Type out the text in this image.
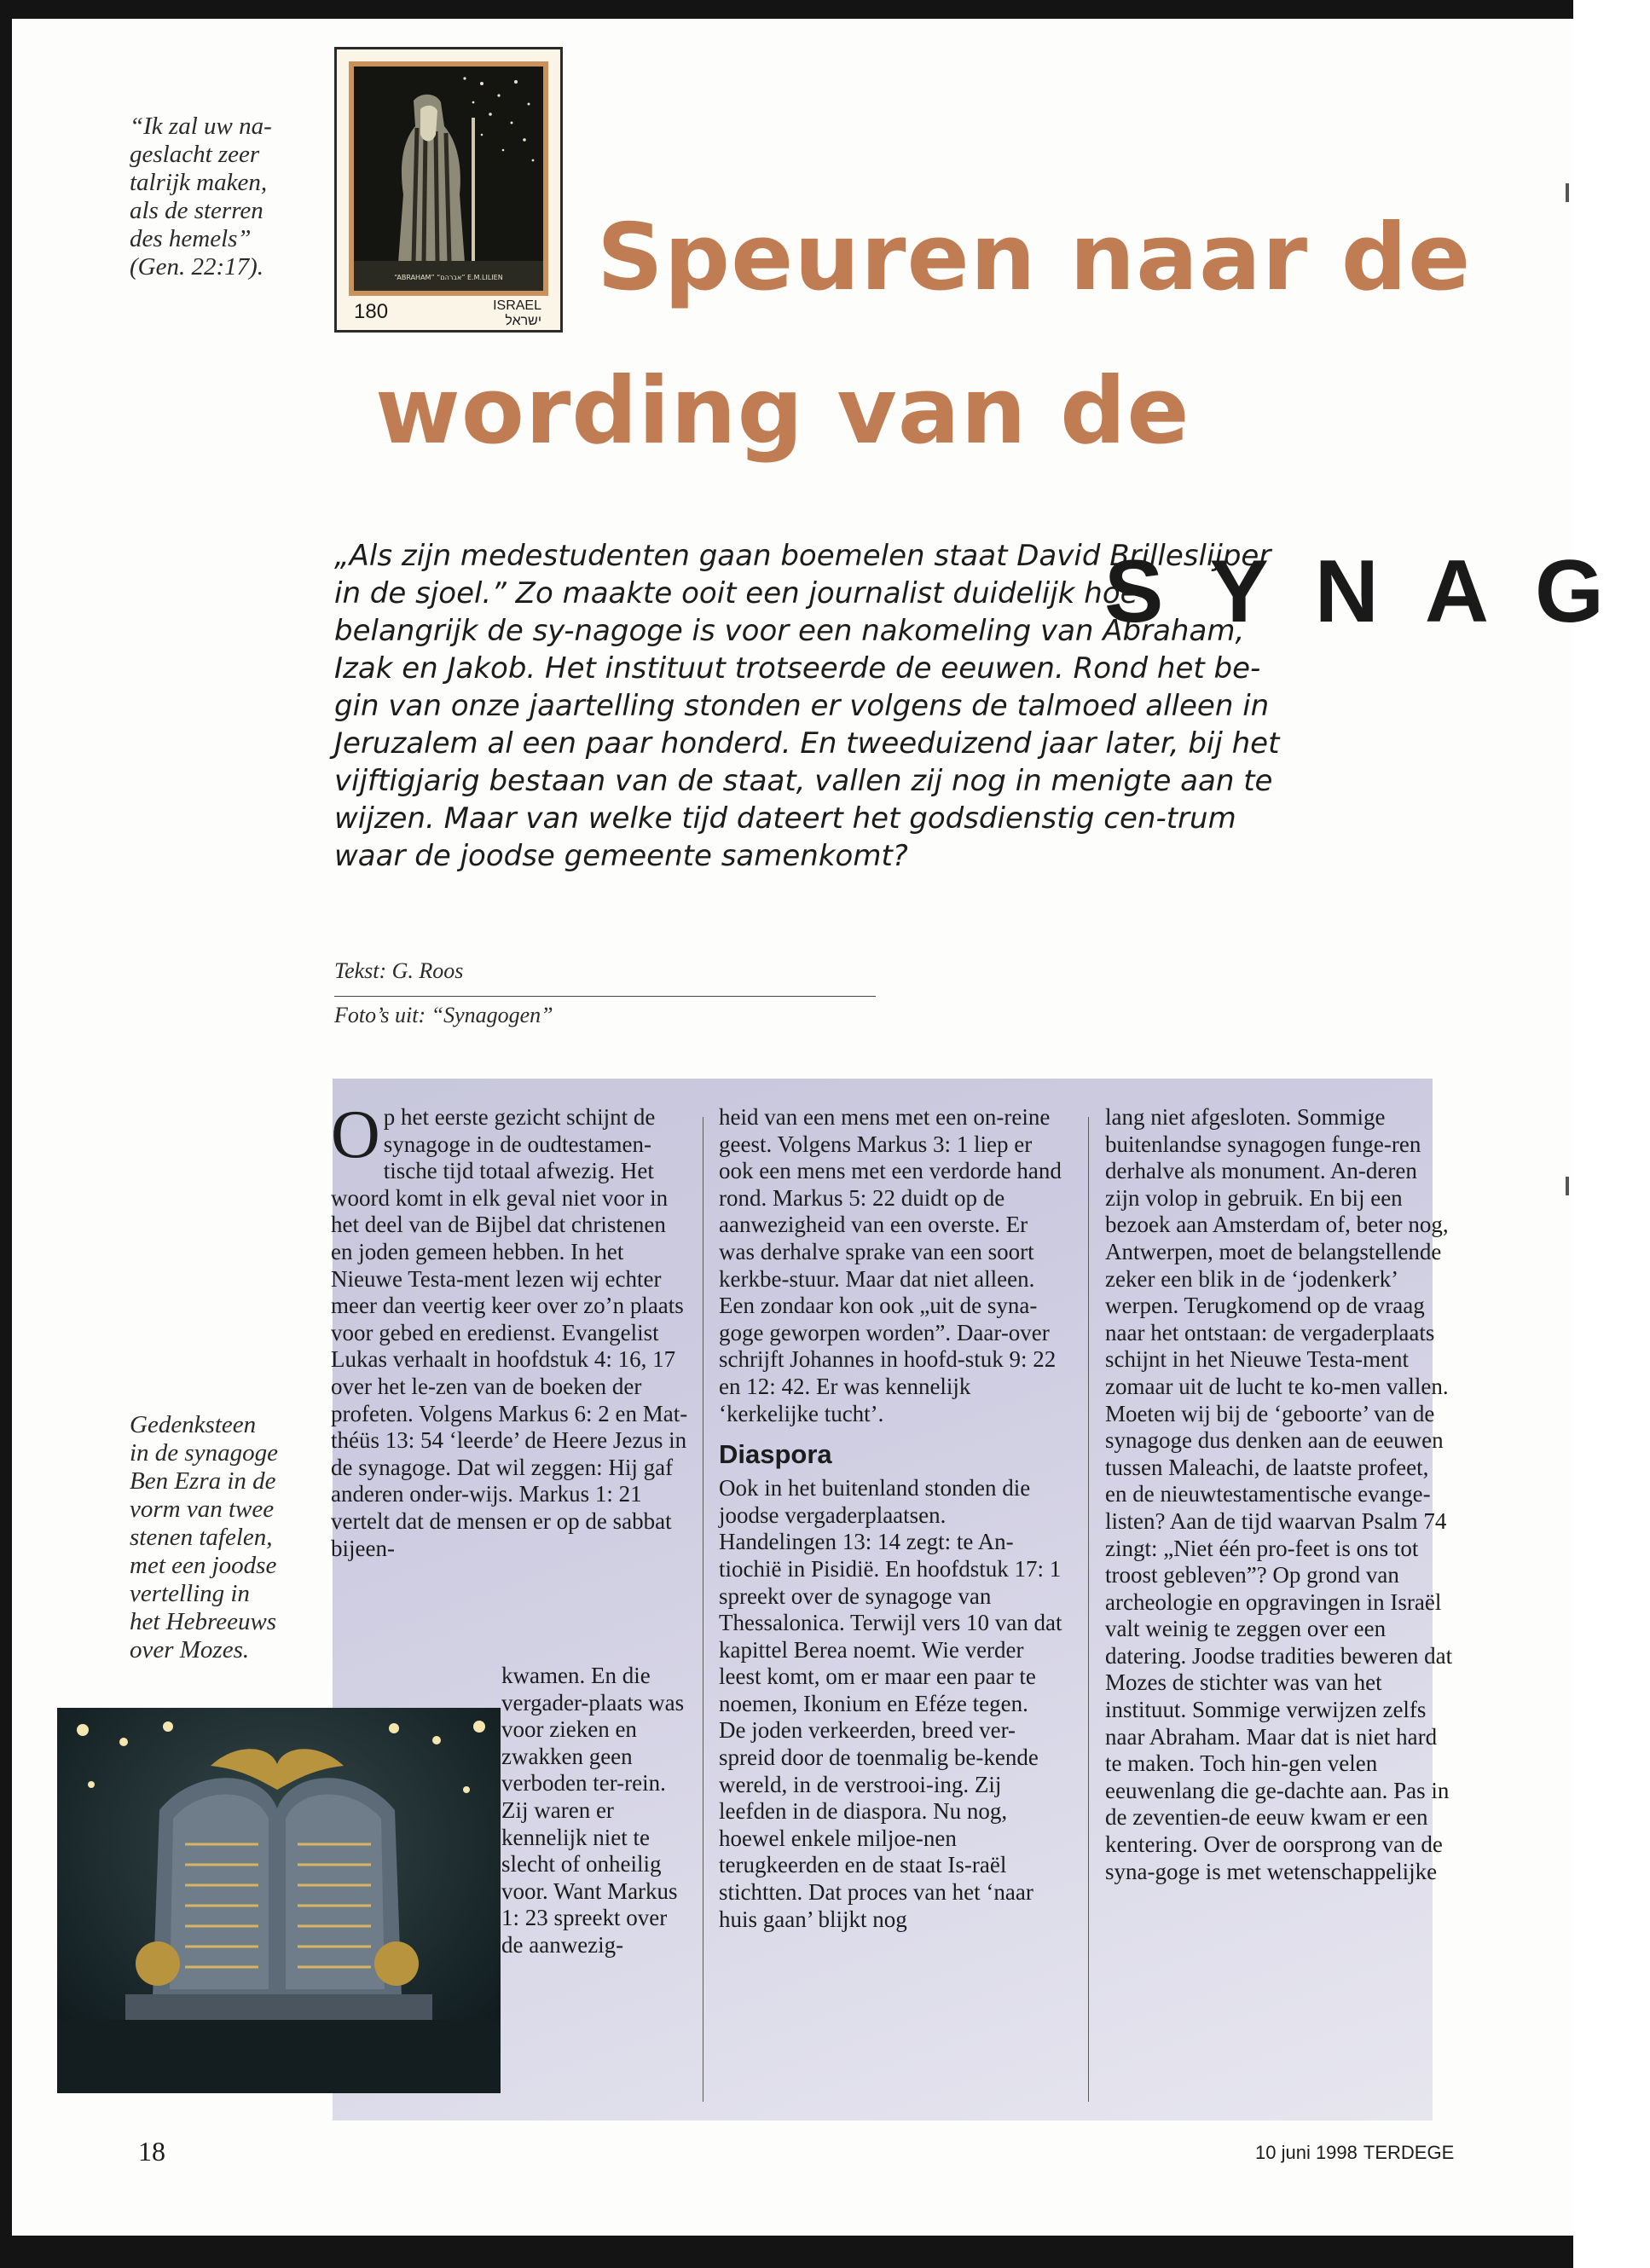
“Ik zal uw na-
geslacht zeer
talrijk maken,
als de sterren
des hemels”
(Gen. 22:17).	“ABRAHAM” “אברהם” E.M.LILIEN
180	ISRAEL ישראל
Speuren naar de
wording van de
SYNAG
„Als zijn medestudenten gaan boemelen staat David Brilleslijper in de sjoel.” Zo maakte ooit een journalist duidelijk hoe belangrijk de sy-nagoge is voor een nakomeling van Abraham, Izak en Jakob. Het instituut trotseerde de eeuwen. Rond het be-gin van onze jaartelling stonden er volgens de talmoed alleen in Jeruzalem al een paar honderd. En tweeduizend jaar later, bij het vijftigjarig bestaan van de staat, vallen zij nog in menigte aan te wijzen. Maar van welke tijd dateert het godsdienstig cen-trum waar de joodse gemeente samenkomt?
Tekst: G. Roos
Foto’s uit: “Synagogen”
Op het eerste gezicht schijnt de synagoge in de oudtestamen-tische tijd totaal afwezig. Het woord komt in elk geval niet voor in het deel van de Bijbel dat christenen en joden gemeen hebben. In het Nieuwe Testa-ment lezen wij echter meer dan veertig keer over zo’n plaats voor gebed en eredienst. Evangelist Lukas verhaalt in hoofdstuk 4: 16, 17 over het le-zen van de boeken der profeten. Volgens Markus 6: 2 en Mat-théüs 13: 54 ‘leerde’ de Heere Jezus in de synagoge. Dat wil zeggen: Hij gaf anderen onder-wijs. Markus 1: 21 vertelt dat de mensen er op de sabbat bijeen-
kwamen. En die vergader-plaats was voor zieken en zwakken geen verboden ter-rein. Zij waren er kennelijk niet te slecht of onheilig voor. Want Markus 1: 23 spreekt over de aanwezig-
heid van een mens met een on-reine geest. Volgens Markus 3: 1 liep er ook een mens met een verdorde hand rond. Markus 5: 22 duidt op de aanwezigheid van een overste. Er was derhalve sprake van een soort kerkbe-stuur. Maar dat niet alleen. Een zondaar kon ook „uit de syna-goge geworpen worden”. Daar-over schrijft Johannes in hoofd-stuk 9: 22 en 12: 42. Er was kennelijk ‘kerkelijke tucht’.
Diaspora
Ook in het buitenland stonden die joodse vergaderplaatsen. Handelingen 13: 14 zegt: te An-tiochië in Pisidië. En hoofdstuk 17: 1 spreekt over de synagoge van Thessalonica. Terwijl vers 10 van dat kapittel Berea noemt. Wie verder leest komt, om er maar een paar te noemen, Ikonium en Eféze tegen.
De joden verkeerden, breed ver-spreid door de toenmalig be-kende wereld, in de verstrooi-ing. Zij leefden in de diaspora. Nu nog, hoewel enkele miljoe-nen terugkeerden en de staat Is-raël stichtten. Dat proces van het ‘naar huis gaan’ blijkt nog
lang niet afgesloten. Sommige buitenlandse synagogen funge-ren derhalve als monument. An-deren zijn volop in gebruik. En bij een bezoek aan Amsterdam of, beter nog, Antwerpen, moet de belangstellende zeker een blik in de ‘jodenkerk’ werpen. Terugkomend op de vraag naar het ontstaan: de vergaderplaats schijnt in het Nieuwe Testa-ment zomaar uit de lucht te ko-men vallen. Moeten wij bij de ‘geboorte’ van de synagoge dus denken aan de eeuwen tussen Maleachi, de laatste profeet, en de nieuwtestamentische evange-listen? Aan de tijd waarvan Psalm 74 zingt: „Niet één pro-feet is ons tot troost gebleven”? Op grond van archeologie en opgravingen in Israël valt weinig te zeggen over een datering. Joodse tradities beweren dat Mozes de stichter was van het instituut. Sommige verwijzen zelfs naar Abraham. Maar dat is niet hard te maken. Toch hin-gen velen eeuwenlang die ge-dachte aan. Pas in de zeventien-de eeuw kwam er een kentering. Over de oorsprong van de syna-goge is met wetenschappelijke
Gedenksteen
in de synagoge
Ben Ezra in de
vorm van twee
stenen tafelen,
met een joodse
vertelling in
het Hebreeuws
over Mozes.
18	10 juni 1998 TERDEGE
